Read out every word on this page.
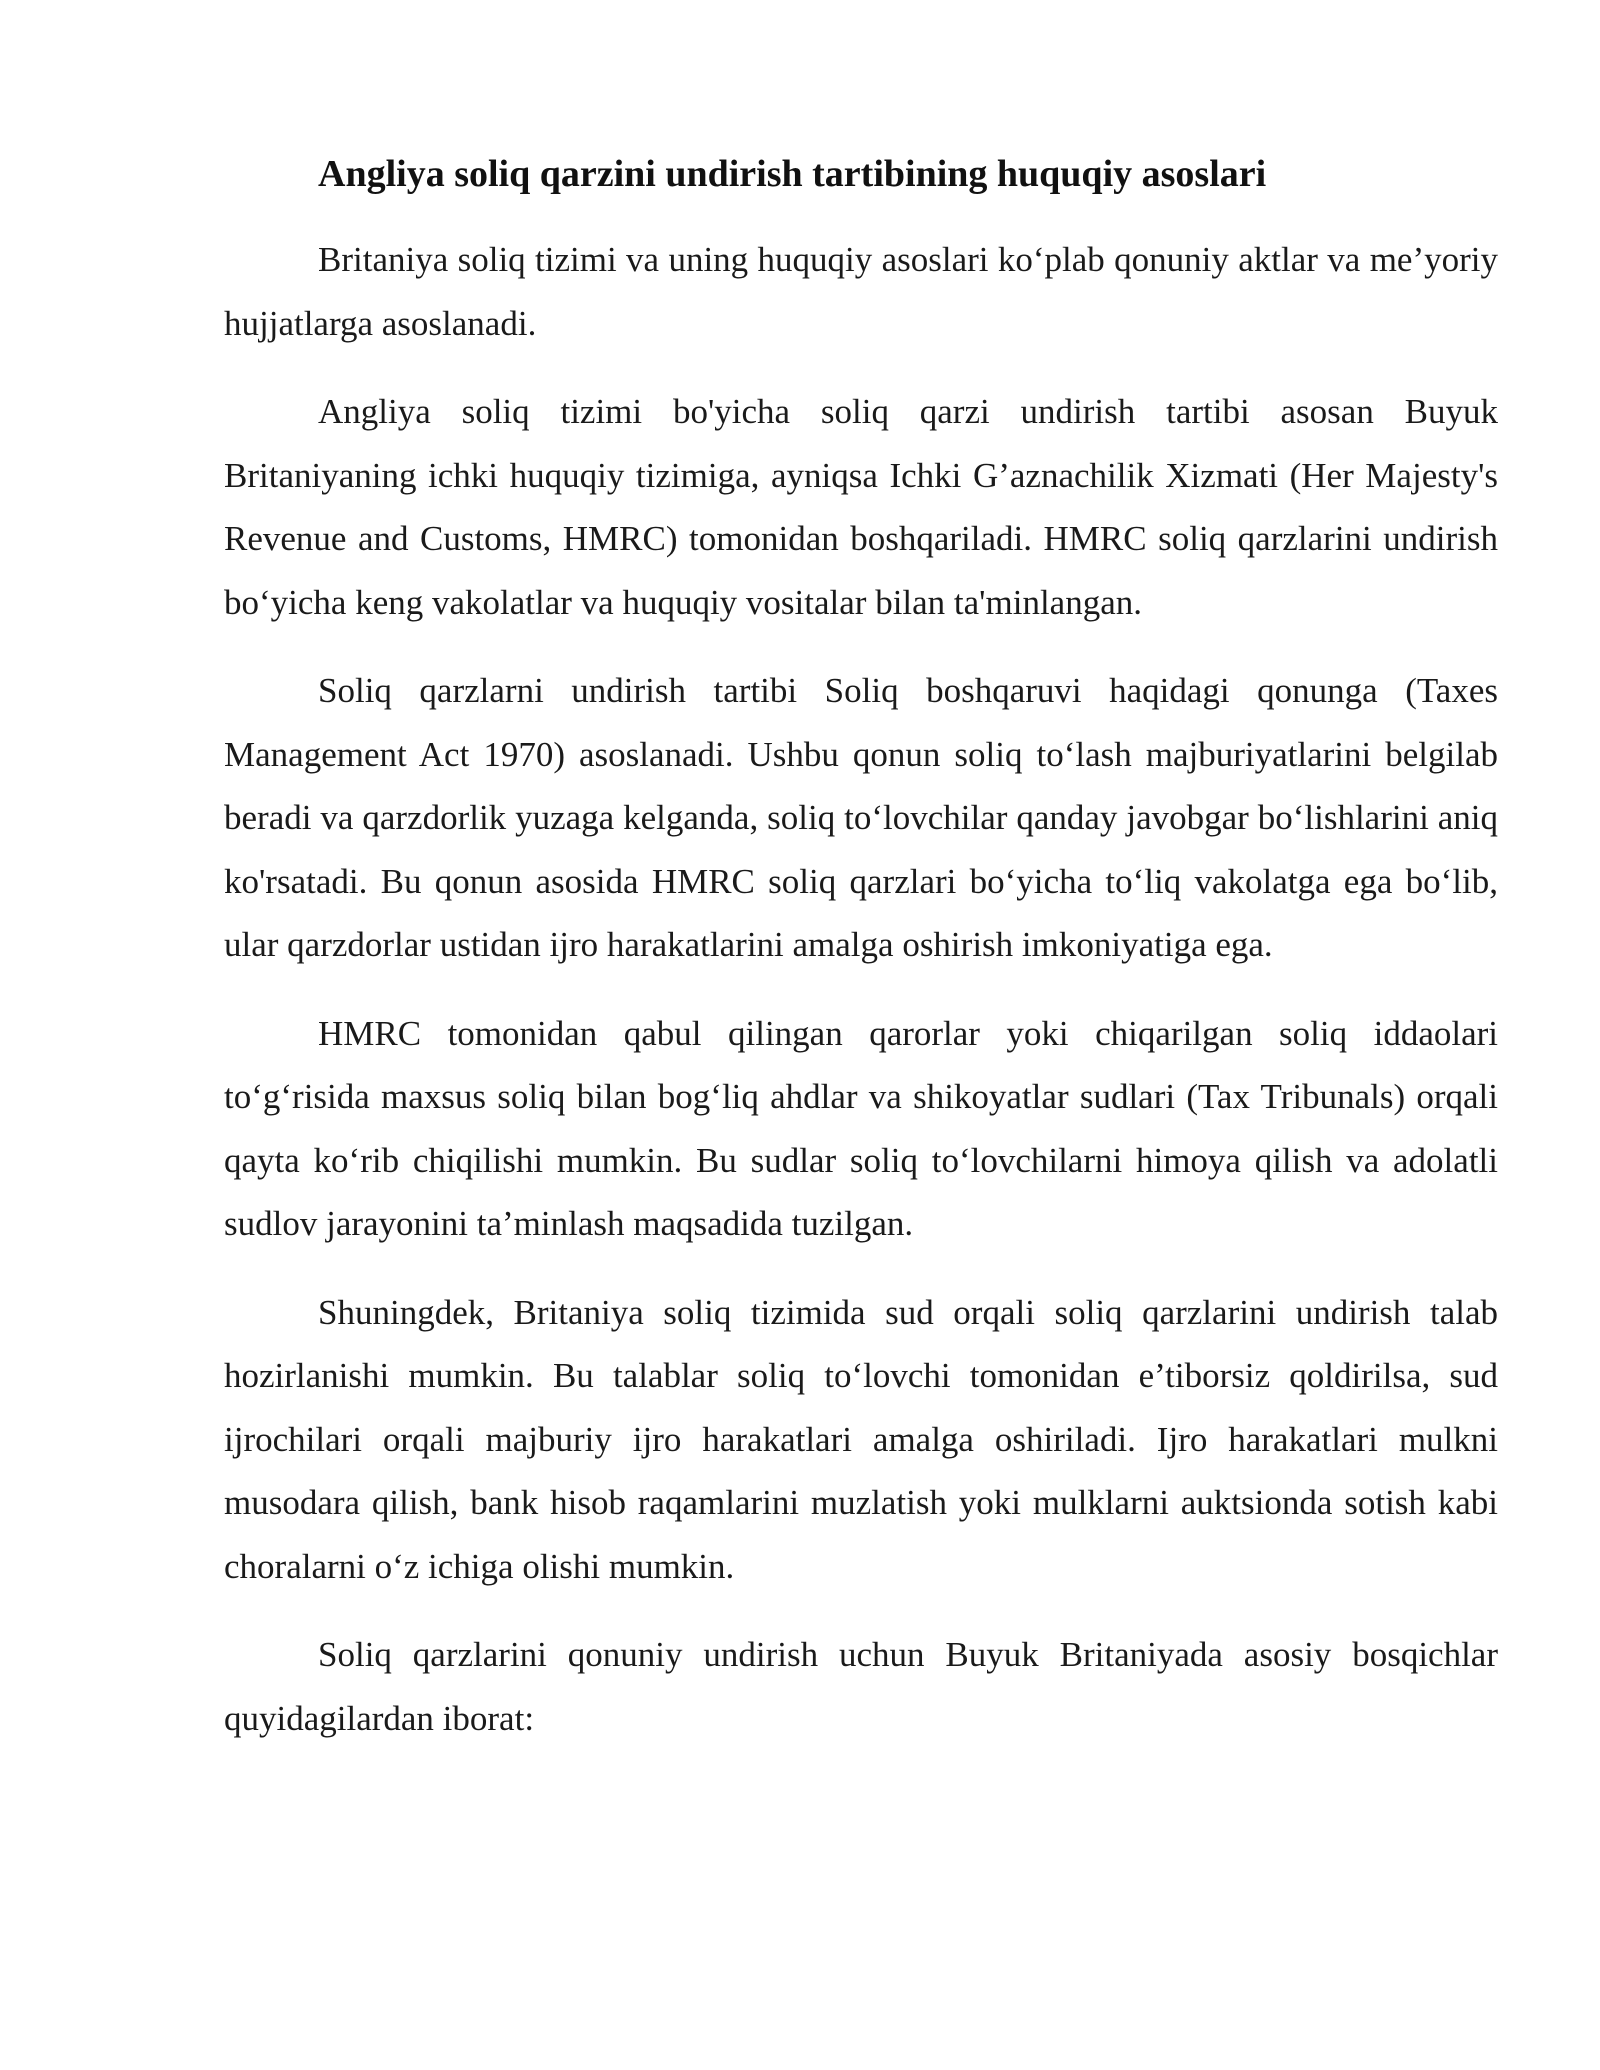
Angliya soliq qarzini undirish tartibining huquqiy asoslari

Britaniya soliq tizimi va uning huquqiy asoslari ko‘plab qonuniy aktlar va me’yoriy hujjatlarga asoslanadi.

Angliya soliq tizimi bo'yicha soliq qarzi undirish tartibi asosan Buyuk Britaniyaning ichki huquqiy tizimiga, ayniqsa Ichki G’aznachilik Xizmati (Her Majesty's Revenue and Customs, HMRC) tomonidan boshqariladi. HMRC soliq qarzlarini undirish bo‘yicha keng vakolatlar va huquqiy vositalar bilan ta'minlangan.

Soliq qarzlarni undirish tartibi Soliq boshqaruvi haqidagi qonunga (Taxes Management Act 1970) asoslanadi. Ushbu qonun soliq to‘lash majburiyatlarini belgilab beradi va qarzdorlik yuzaga kelganda, soliq to‘lovchilar qanday javobgar bo‘lishlarini aniq ko'rsatadi. Bu qonun asosida HMRC soliq qarzlari bo‘yicha to‘liq vakolatga ega bo‘lib, ular qarzdorlar ustidan ijro harakatlarini amalga oshirish imkoniyatiga ega.

HMRC tomonidan qabul qilingan qarorlar yoki chiqarilgan soliq iddaolari to‘g‘risida maxsus soliq bilan bog‘liq ahdlar va shikoyatlar sudlari (Tax Tribunals) orqali qayta ko‘rib chiqilishi mumkin. Bu sudlar soliq to‘lovchilarni himoya qilish va adolatli sudlov jarayonini ta’minlash maqsadida tuzilgan.

Shuningdek, Britaniya soliq tizimida sud orqali soliq qarzlarini undirish talab hozirlanishi mumkin. Bu talablar soliq to‘lovchi tomonidan e’tiborsiz qoldirilsa, sud ijrochilari orqali majburiy ijro harakatlari amalga oshiriladi. Ijro harakatlari mulkni musodara qilish, bank hisob raqamlarini muzlatish yoki mulklarni auktsionda sotish kabi choralarni o‘z ichiga olishi mumkin.

Soliq qarzlarini qonuniy undirish uchun Buyuk Britaniyada asosiy bosqichlar quyidagilardan iborat:
